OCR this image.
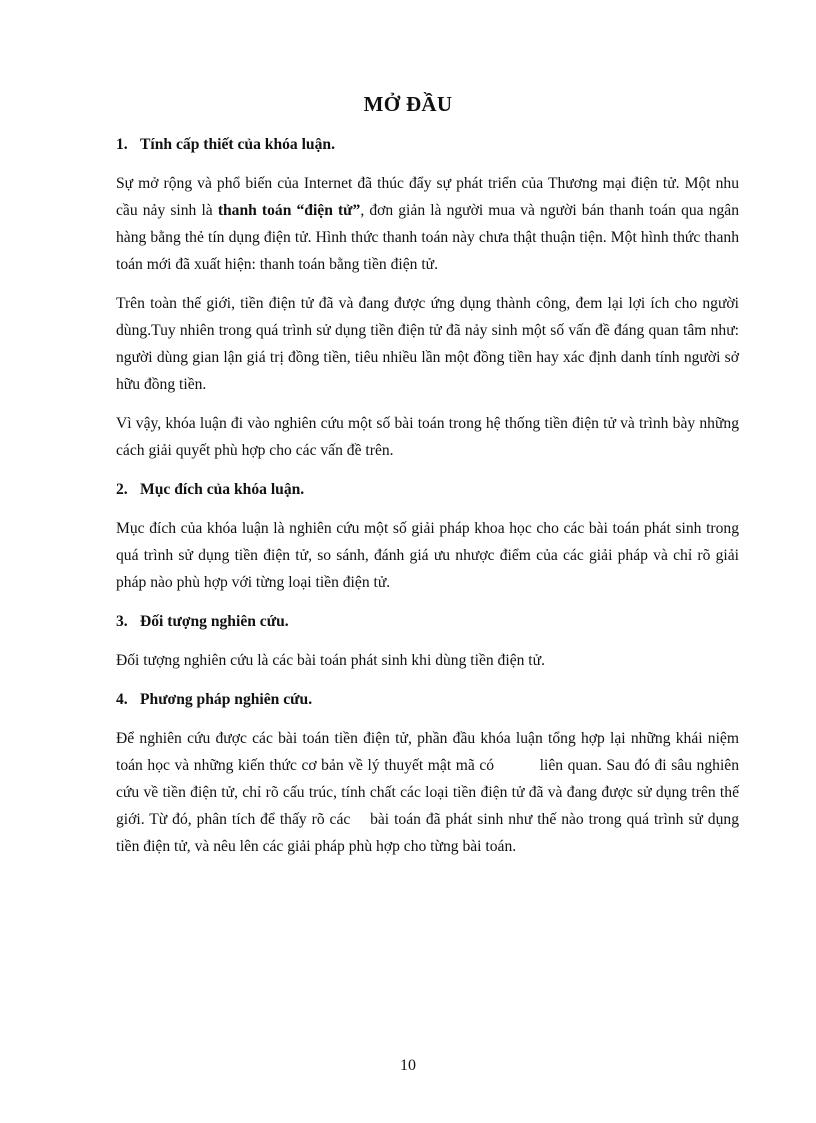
MỞ ĐẦU
1. Tính cấp thiết của khóa luận.

Sự mở rộng và phổ biến của Internet đã thúc đẩy sự phát triển của Thương mại điện tử. Một nhu cầu nảy sinh là thanh toán “điện tử”, đơn giản là người mua và người bán thanh toán qua ngân hàng bằng thẻ tín dụng điện tử. Hình thức thanh toán này chưa thật thuận tiện. Một hình thức thanh toán mới đã xuất hiện: thanh toán bằng tiền điện tử.

Trên toàn thế giới, tiền điện tử đã và đang được ứng dụng thành công, đem lại lợi ích cho người dùng.Tuy nhiên trong quá trình sử dụng tiền điện tử đã nảy sinh một số vấn đề đáng quan tâm như: người dùng gian lận giá trị đồng tiền, tiêu nhiều lần một đồng tiền hay xác định danh tính người sở hữu đồng tiền.

Vì vậy, khóa luận đi vào nghiên cứu một số bài toán trong hệ thống tiền điện tử và trình bày những cách giải quyết phù hợp cho các vấn đề trên.

2. Mục đích của khóa luận.

Mục đích của khóa luận là nghiên cứu một số giải pháp khoa học cho các bài toán phát sinh trong quá trình sử dụng tiền điện tử, so sánh, đánh giá ưu nhược điểm của các giải pháp và chỉ rõ giải pháp nào phù hợp với từng loại tiền điện tử.

3. Đối tượng nghiên cứu.

Đối tượng nghiên cứu là các bài toán phát sinh khi dùng tiền điện tử.

4. Phương pháp nghiên cứu.

Để nghiên cứu được các bài toán tiền điện tử, phần đầu khóa luận tổng hợp lại những khái niệm toán học và những kiến thức cơ bản về lý thuyết mật mã có          liên quan. Sau đó đi sâu nghiên cứu về tiền điện tử, chỉ rõ cấu trúc, tính chất các loại tiền điện tử đã và đang được sử dụng trên thế giới. Từ đó, phân tích để thấy rõ các    bài toán đã phát sinh như thế nào trong quá trình sử dụng tiền điện tử, và nêu lên các giải pháp phù hợp cho từng bài toán.

10
